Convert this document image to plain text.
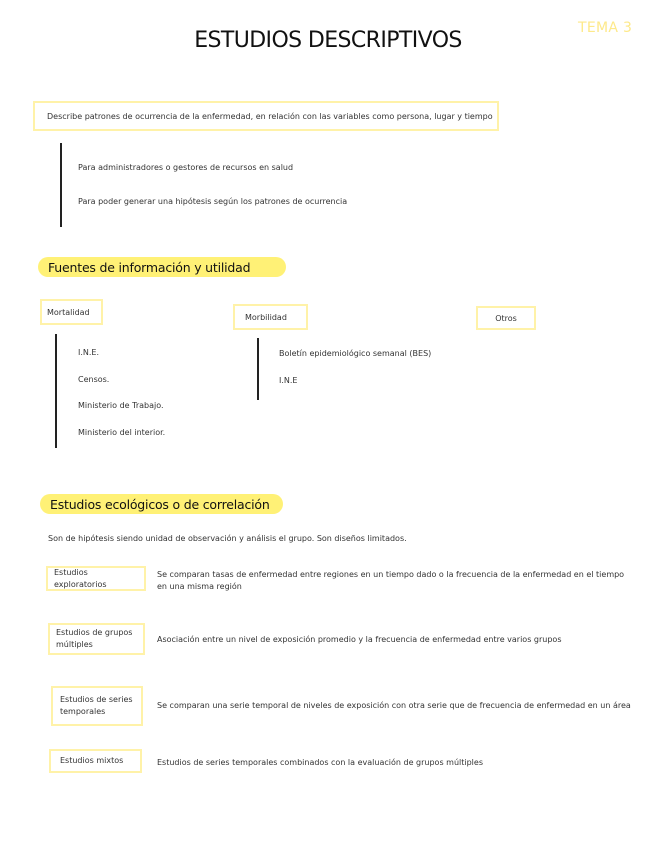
TEMA 3
ESTUDIOS DESCRIPTIVOS
Describe patrones de ocurrencia de la enfermedad, en relación con las variables como persona, lugar y tiempo
Para administradores o gestores de recursos en salud
Para poder generar una hipótesis según los patrones de ocurrencia
Fuentes de información y utilidad
Mortalidad
Morbilidad	Otros
I.N.E.
Censos.
Ministerio de Trabajo.
Ministerio del interior.
Boletín epidemiológico semanal (BES)
I.N.E
Estudios ecológicos o de correlación
Son de hipótesis siendo unidad de observación y análisis el grupo. Son diseños limitados.
Estudios exploratorios
Se comparan tasas de enfermedad entre regiones en un tiempo dado o la frecuencia de la enfermedad en el tiempo en una misma región
Estudios de grupos múltiples
Asociación entre un nivel de exposición promedio y la frecuencia de enfermedad entre varios grupos
Estudios de series temporales
Se comparan una serie temporal de niveles de exposición con otra serie que de frecuencia de enfermedad en un área
Estudios mixtos	Estudios de series temporales combinados con la evaluación de grupos múltiples
